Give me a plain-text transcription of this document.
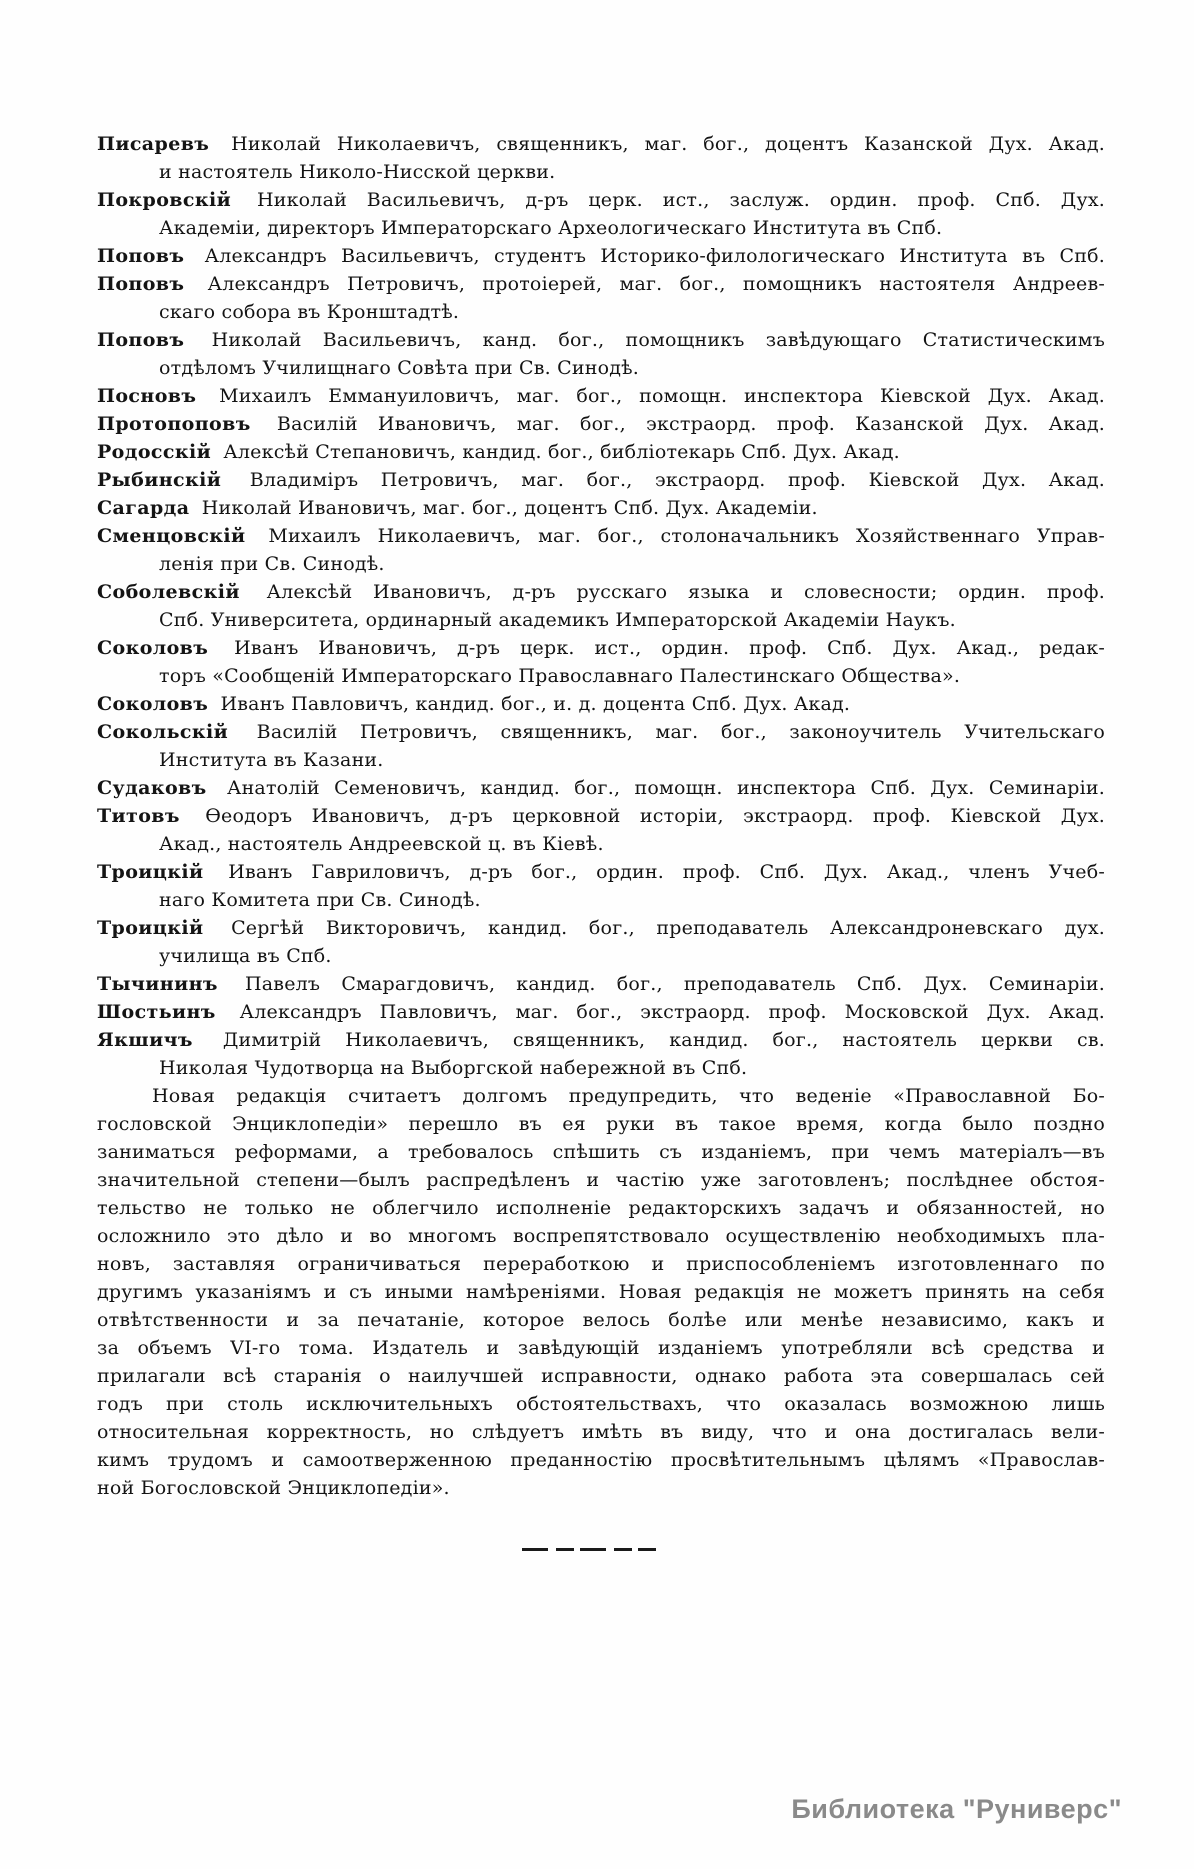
Писаревъ Николай Николаевичъ, священникъ, маг. бог., доцентъ Казанской Дух. Акад.
и настоятель Николо-Нисской церкви.
Покровскій Николай Васильевичъ, д-ръ церк. ист., заслуж. ордин. проф. Спб. Дух.
Академіи, директоръ Императорскаго Археологическаго Института въ Спб.
Поповъ Александръ Васильевичъ, студентъ Историко-филологическаго Института въ Спб.
Поповъ Александръ Петровичъ, протоіерей, маг. бог., помощникъ настоятеля Андреев-
скаго собора въ Кронштадтѣ.
Поповъ Николай Васильевичъ, канд. бог., помощникъ завѣдующаго Статистическимъ
отдѣломъ Училищнаго Совѣта при Св. Синодѣ.
Посновъ Михаилъ Еммануиловичъ, маг. бог., помощн. инспектора Кіевской Дух. Акад.
Протопоповъ Василій Ивановичъ, маг. бог., экстраорд. проф. Казанской Дух. Акад.
Родосскій Алексѣй Степановичъ, кандид. бог., библіотекарь Спб. Дух. Акад.
Рыбинскій Владиміръ Петровичъ, маг. бог., экстраорд. проф. Кіевской Дух. Акад.
Сагарда Николай Ивановичъ, маг. бог., доцентъ Спб. Дух. Академіи.
Сменцовскій Михаилъ Николаевичъ, маг. бог., столоначальникъ Хозяйственнаго Управ-
ленія при Св. Синодѣ.
Соболевскій Алексѣй Ивановичъ, д-ръ русскаго языка и словесности; ордин. проф.
Спб. Университета, ординарный академикъ Императорской Академіи Наукъ.
Соколовъ Иванъ Ивановичъ, д-ръ церк. ист., ордин. проф. Спб. Дух. Акад., редак-
торъ «Сообщеній Императорскаго Православнаго Палестинскаго Общества».
Соколовъ Иванъ Павловичъ, кандид. бог., и. д. доцента Спб. Дух. Акад.
Сокольскій Василій Петровичъ, священникъ, маг. бог., законоучитель Учительскаго
Института въ Казани.
Судаковъ Анатолій Семеновичъ, кандид. бог., помощн. инспектора Спб. Дух. Семинаріи.
Титовъ Ѳеодоръ Ивановичъ, д-ръ церковной исторіи, экстраорд. проф. Кіевской Дух.
Акад., настоятель Андреевской ц. въ Кіевѣ.
Троицкій Иванъ Гавриловичъ, д-ръ бог., ордин. проф. Спб. Дух. Акад., членъ Учеб-
наго Комитета при Св. Синодѣ.
Троицкій Сергѣй Викторовичъ, кандид. бог., преподаватель Александроневскаго дух.
училища въ Спб.
Тычининъ Павелъ Смарагдовичъ, кандид. бог., преподаватель Спб. Дух. Семинаріи.
Шостьинъ Александръ Павловичъ, маг. бог., экстраорд. проф. Московской Дух. Акад.
Якшичъ Димитрій Николаевичъ, священникъ, кандид. бог., настоятель церкви св.
Николая Чудотворца на Выборгской набережной въ Спб.
Новая редакція считаетъ долгомъ предупредить, что веденіе «Православной Бо-
гословской Энциклопедіи» перешло въ ея руки въ такое время, когда было поздно
заниматься реформами, а требовалось спѣшить съ изданіемъ, при чемъ матеріалъ—въ
значительной степени—былъ распредѣленъ и частію уже заготовленъ; послѣднее обстоя-
тельство не только не облегчило исполненіе редакторскихъ задачъ и обязанностей, но
осложнило это дѣло и во многомъ воспрепятствовало осуществленію необходимыхъ пла-
новъ, заставляя ограничиваться переработкою и приспособленіемъ изготовленнаго по
другимъ указаніямъ и съ иными намѣреніями. Новая редакція не можетъ принять на себя
отвѣтственности и за печатаніе, которое велось болѣе или менѣе независимо, какъ и
за объемъ VI-го тома. Издатель и завѣдующій изданіемъ употребляли всѣ средства и
прилагали всѣ старанія о наилучшей исправности, однако работа эта совершалась сей
годъ при столь исключительныхъ обстоятельствахъ, что оказалась возможною лишь
относительная корректность, но слѣдуетъ имѣть въ виду, что и она достигалась вели-
кимъ трудомъ и самоотверженною преданностію просвѣтительнымъ цѣлямъ «Православ-
ной Богословской Энциклопедіи».
Библиотека "Руниверс"
